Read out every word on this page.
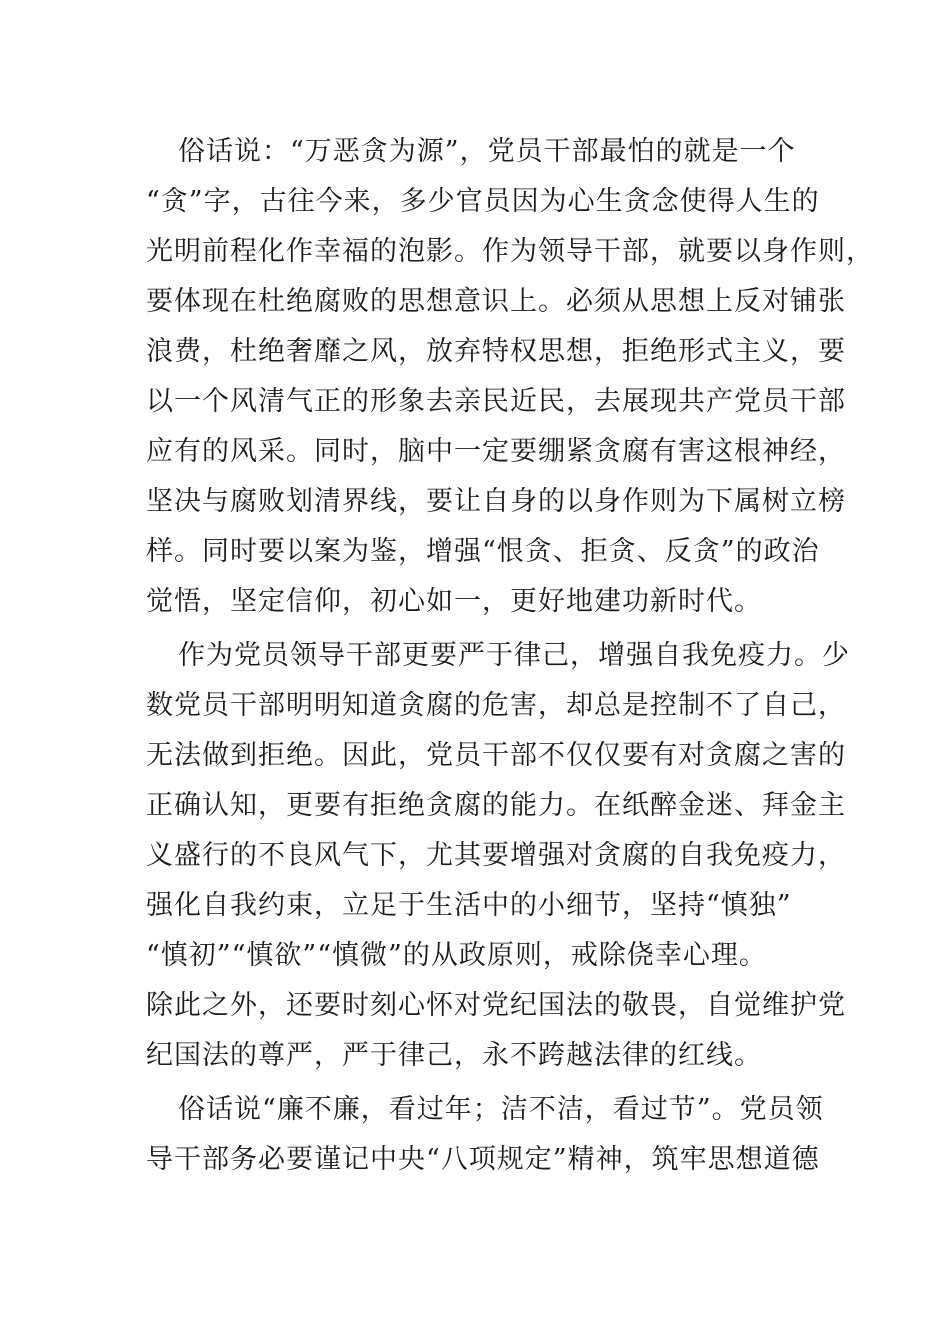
俗话说：“万恶贪为源”，党员干部最怕的就是一个
“贪”字，古往今来，多少官员因为心生贪念使得人生的
光明前程化作幸福的泡影。作为领导干部，就要以身作则，
要体现在杜绝腐败的思想意识上。必须从思想上反对铺张
浪费，杜绝奢靡之风，放弃特权思想，拒绝形式主义，要
以一个风清气正的形象去亲民近民，去展现共产党员干部
应有的风采。同时，脑中一定要绷紧贪腐有害这根神经，
坚决与腐败划清界线，要让自身的以身作则为下属树立榜
样。同时要以案为鉴，增强“恨贪、拒贪、反贪”的政治
觉悟，坚定信仰，初心如一，更好地建功新时代。
作为党员领导干部更要严于律己，增强自我免疫力。少
数党员干部明明知道贪腐的危害，却总是控制不了自己，
无法做到拒绝。因此，党员干部不仅仅要有对贪腐之害的
正确认知，更要有拒绝贪腐的能力。在纸醉金迷、拜金主
义盛行的不良风气下，尤其要增强对贪腐的自我免疫力，
强化自我约束，立足于生活中的小细节，坚持“慎独”
“慎初”“慎欲”“慎微”的从政原则，戒除侥幸心理。
除此之外，还要时刻心怀对党纪国法的敬畏，自觉维护党
纪国法的尊严，严于律己，永不跨越法律的红线。
俗话说“廉不廉，看过年；洁不洁，看过节”。党员领
导干部务必要谨记中央“八项规定”精神，筑牢思想道德
